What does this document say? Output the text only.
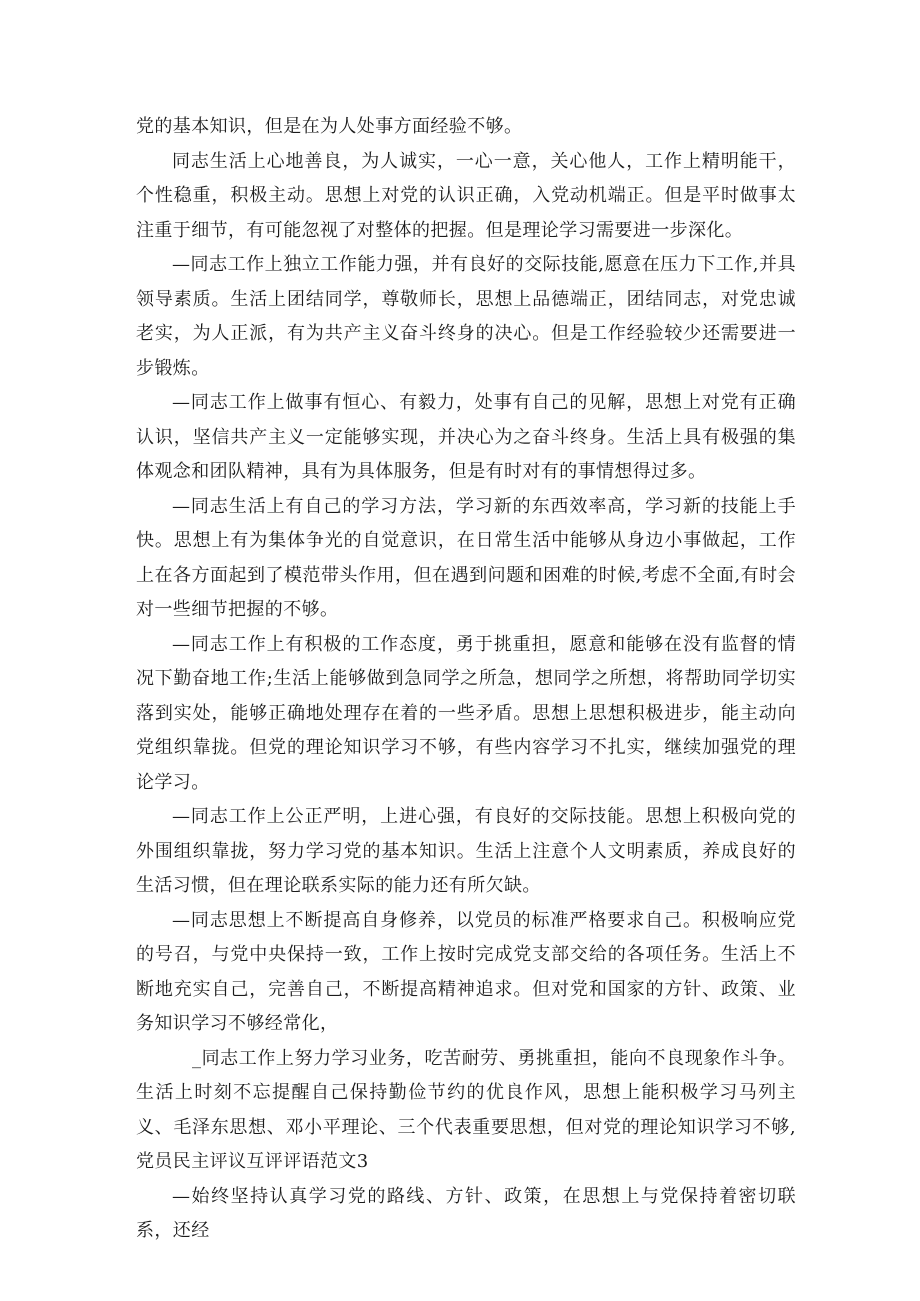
党的基本知识，但是在为人处事方面经验不够。

同志生活上心地善良，为人诚实，一心一意，关心他人，工作上精明能干，个性稳重，积极主动。思想上对党的认识正确，入党动机端正。但是平时做事太注重于细节，有可能忽视了对整体的把握。但是理论学习需要进一步深化。

—同志工作上独立工作能力强，并有良好的交际技能,愿意在压力下工作,并具领导素质。生活上团结同学，尊敬师长，思想上品德端正，团结同志，对党忠诚老实，为人正派，有为共产主义奋斗终身的决心。但是工作经验较少还需要进一步锻炼。

—同志工作上做事有恒心、有毅力，处事有自己的见解，思想上对党有正确认识，坚信共产主义一定能够实现，并决心为之奋斗终身。生活上具有极强的集体观念和团队精神，具有为具体服务，但是有时对有的事情想得过多。

—同志生活上有自己的学习方法，学习新的东西效率高，学习新的技能上手快。思想上有为集体争光的自觉意识，在日常生活中能够从身边小事做起，工作上在各方面起到了模范带头作用，但在遇到问题和困难的时候,考虑不全面,有时会对一些细节把握的不够。

—同志工作上有积极的工作态度，勇于挑重担，愿意和能够在没有监督的情况下勤奋地工作;生活上能够做到急同学之所急，想同学之所想，将帮助同学切实落到实处，能够正确地处理存在着的一些矛盾。思想上思想积极进步，能主动向党组织靠拢。但党的理论知识学习不够，有些内容学习不扎实，继续加强党的理论学习。

—同志工作上公正严明，上进心强，有良好的交际技能。思想上积极向党的外围组织靠拢，努力学习党的基本知识。生活上注意个人文明素质，养成良好的生活习惯，但在理论联系实际的能力还有所欠缺。

—同志思想上不断提高自身修养，以党员的标准严格要求自己。积极响应党的号召，与党中央保持一致，工作上按时完成党支部交给的各项任务。生活上不断地充实自己，完善自己，不断提高精神追求。但对党和国家的方针、政策、业务知识学习不够经常化，

_同志工作上努力学习业务，吃苦耐劳、勇挑重担，能向不良现象作斗争。生活上时刻不忘提醒自己保持勤俭节约的优良作风，思想上能积极学习马列主义、毛泽东思想、邓小平理论、三个代表重要思想，但对党的理论知识学习不够,党员民主评议互评评语范文3

—始终坚持认真学习党的路线、方针、政策，在思想上与党保持着密切联系，还经
